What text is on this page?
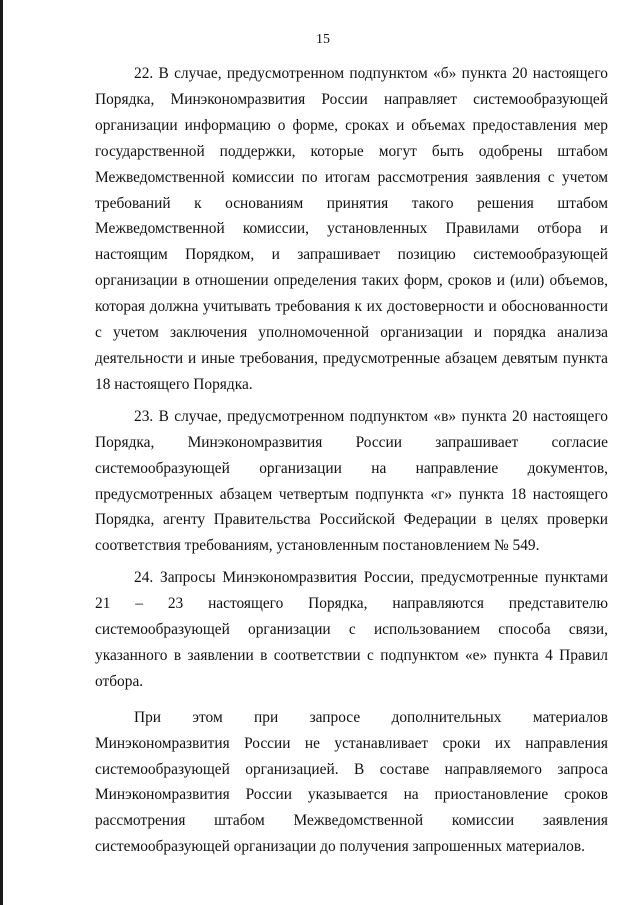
15

22. В случае, предусмотренном подпунктом «б» пункта 20 настоящего Порядка, Минэкономразвития России направляет системообразующей организации информацию о форме, сроках и объемах предоставления мер государственной поддержки, которые могут быть одобрены штабом Межведомственной комиссии по итогам рассмотрения заявления с учетом требований к основаниям принятия такого решения штабом Межведомственной комиссии, установленных Правилами отбора и настоящим Порядком, и запрашивает позицию системообразующей организации в отношении определения таких форм, сроков и (или) объемов, которая должна учитывать требования к их достоверности и обоснованности с учетом заключения уполномоченной организации и порядка анализа деятельности и иные требования, предусмотренные абзацем девятым пункта 18 настоящего Порядка.

23. В случае, предусмотренном подпунктом «в» пункта 20 настоящего Порядка, Минэкономразвития России запрашивает согласие системообразующей организации на направление документов, предусмотренных абзацем четвертым подпункта «г» пункта 18 настоящего Порядка, агенту Правительства Российской Федерации в целях проверки соответствия требованиям, установленным постановлением № 549.

24. Запросы Минэкономразвития России, предусмотренные пунктами 21 – 23 настоящего Порядка, направляются представителю системообразующей организации с использованием способа связи, указанного в заявлении в соответствии с подпунктом «е» пункта 4 Правил отбора.

При этом при запросе дополнительных материалов Минэкономразвития России не устанавливает сроки их направления системообразующей организацией. В составе направляемого запроса Минэкономразвития России указывается на приостановление сроков рассмотрения штабом Межведомственной комиссии заявления системообразующей организации до получения запрошенных материалов.
